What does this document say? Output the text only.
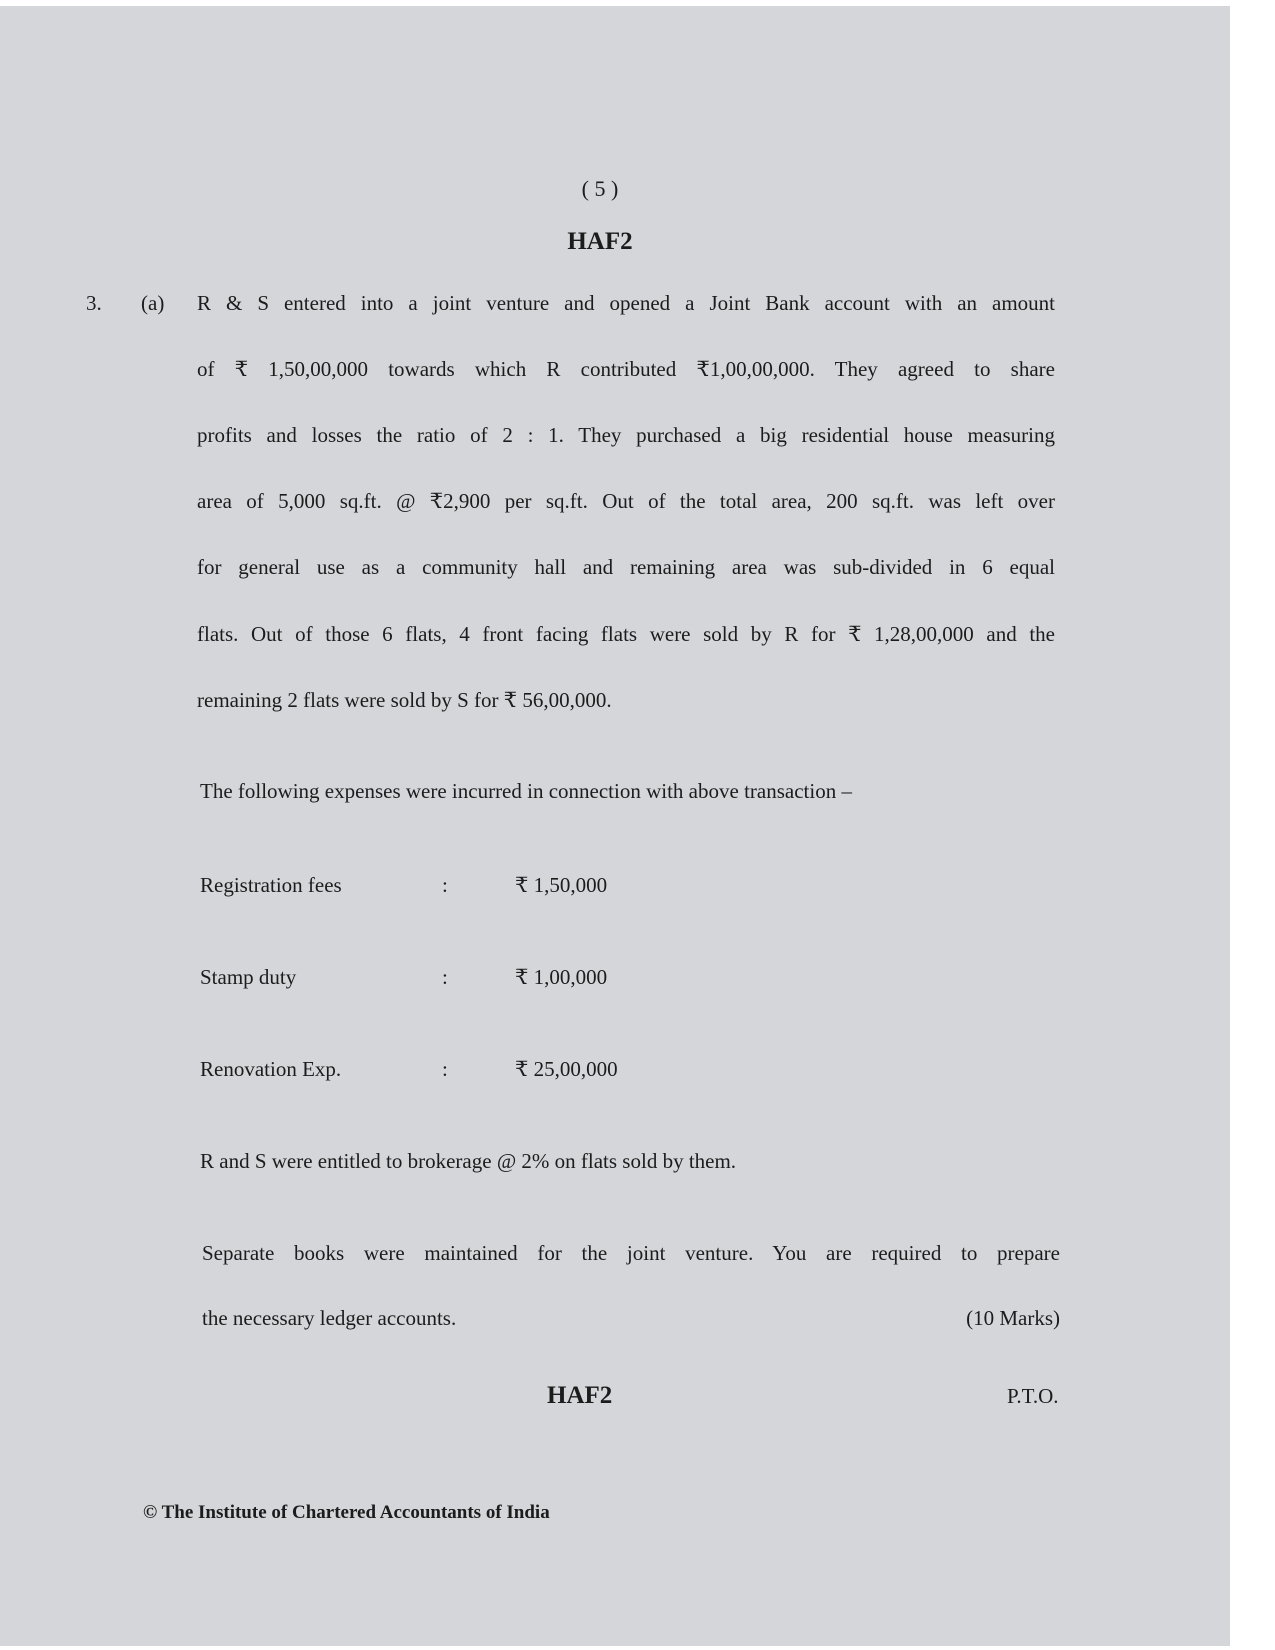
( 5 )
HAF2
3. (a) R & S entered into a joint venture and opened a Joint Bank account with an amount
of ₹ 1,50,00,000 towards which R contributed ₹1,00,00,000. They agreed to share
profits and losses the ratio of 2 : 1. They purchased a big residential house measuring
area of 5,000 sq.ft. @ ₹2,900 per sq.ft. Out of the total area, 200 sq.ft. was left over
for general use as a community hall and remaining area was sub-divided in 6 equal
flats. Out of those 6 flats, 4 front facing flats were sold by R for ₹ 1,28,00,000 and the
remaining 2 flats were sold by S for ₹ 56,00,000.
The following expenses were incurred in connection with above transaction –
Registration fees	:	₹ 1,50,000
Stamp duty	:	₹ 1,00,000
Renovation Exp.	:	₹ 25,00,000
R and S were entitled to brokerage @ 2% on flats sold by them.
Separate books were maintained for the joint venture. You are required to prepare
the necessary ledger accounts.	(10 Marks)
HAF2	P.T.O.
© The Institute of Chartered Accountants of India
